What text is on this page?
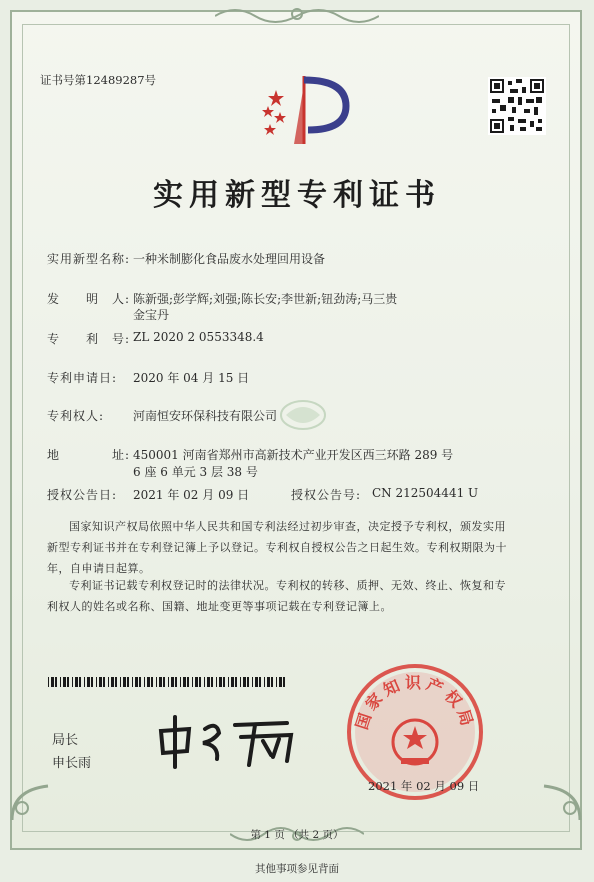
证书号第12489287号
实用新型专利证书
实用新型名称: 一种米制膨化食品废水处理回用设备
发　　明　人: 陈新强;彭学辉;刘强;陈长安;李世新;钮劲涛;马三贵
金宝丹
专　　利　号: ZL 2020 2 0553348.4
专利申请日: 2020 年 04 月 15 日
专利权人: 河南恒安环保科技有限公司
地　　　　址: 450001 河南省郑州市高新技术产业开发区西三环路 289 号
6 座 6 单元 3 层 38 号
授权公告日: 2021 年 02 月 09 日	授权公告号: CN 212504441 U
国家知识产权局依照中华人民共和国专利法经过初步审查，决定授予专利权，颁发实用
新型专利证书并在专利登记簿上予以登记。专利权自授权公告之日起生效。专利权期限为十
年，自申请日起算。
专利证书记载专利权登记时的法律状况。专利权的转移、质押、无效、终止、恢复和专
利权人的姓名或名称、国籍、地址变更等事项记载在专利登记簿上。
局长
申长雨
国家知识产权局
2021 年 02 月 09 日
第 1 页 （共 2 页）
其他事项参见背面
